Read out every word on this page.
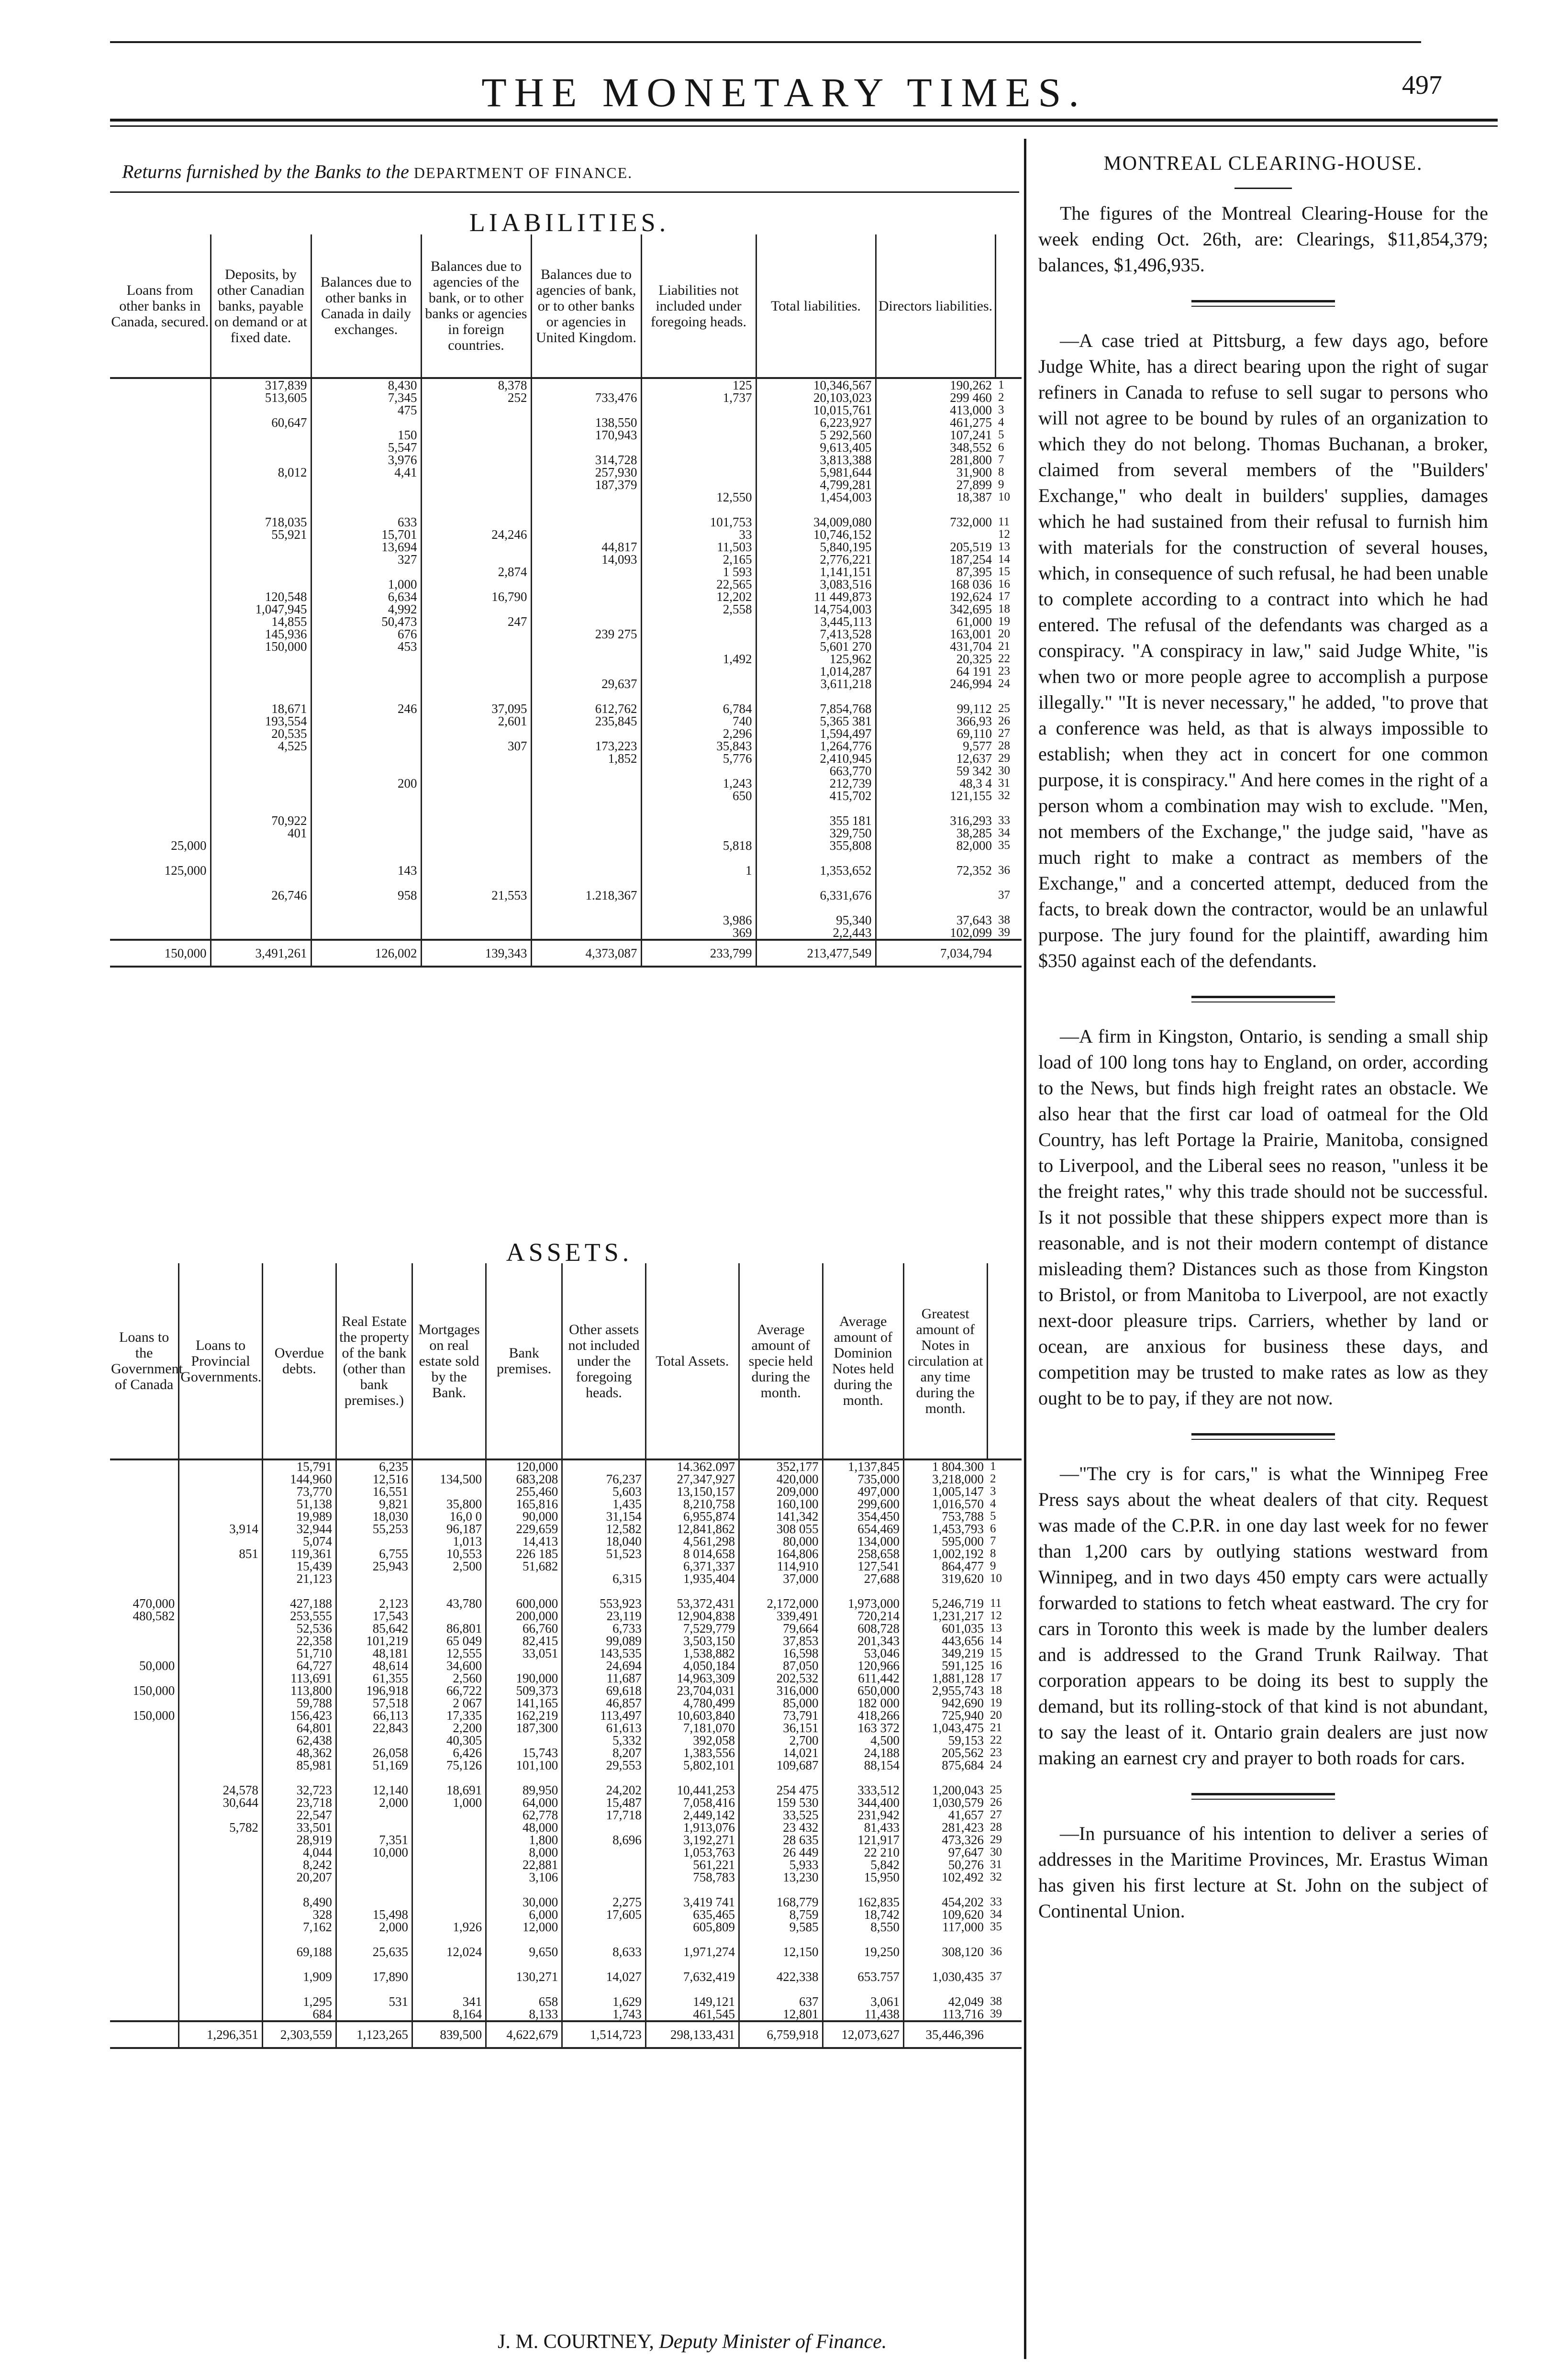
THE MONETARY TIMES.	497
Returns furnished by the Banks to the DEPARTMENT OF FINANCE.
LIABILITIES.
Loans from other banks in Canada, secured.	Deposits, by other Canadian banks, payable on demand or at fixed date.	Balances due to other banks in Canada in daily exchanges.	Balances due to agencies of the bank, or to other banks or agencies in foreign countries.	Balances due to agencies of bank, or to other banks or agencies in United Kingdom.	Liabilities not included under foregoing heads.	Total liabilities.	Directors liabilities.	
	317,839	8,430	8,378		125	10,346,567	190,262	1
	513,605	7,345	252	733,476	1,737	20,103,023	299 460	2
		475				10,015,761	413,000	3
	60,647			138,550		6,223,927	461,275	4
		150		170,943		5 292,560	107,241	5
		5,547				9,613,405	348,552	6
		3,976		314,728		3,813,388	281,800	7
	8,012	4,41		257,930		5,981,644	31,900	8
				187,379		4,799,281	27,899	9
					12,550	1,454,003	18,387	10

	718,035	633			101,753	34,009,080	732,000	11
	55,921	15,701	24,246		33	10,746,152		12
		13,694		44,817	11,503	5,840,195	205,519	13
		327		14,093	2,165	2,776,221	187,254	14
			2,874		1 593	1,141,151	87,395	15
		1,000			22,565	3,083,516	168 036	16
	120,548	6,634	16,790		12,202	11 449,873	192,624	17
	1,047,945	4,992			2,558	14,754,003	342,695	18
	14,855	50,473	247			3,445,113	61,000	19
	145,936	676		239 275		7,413,528	163,001	20
	150,000	453				5,601 270	431,704	21
					1,492	125,962	20,325	22
						1,014,287	64 191	23
				29,637		3,611,218	246,994	24

	18,671	246	37,095	612,762	6,784	7,854,768	99,112	25
	193,554		2,601	235,845	740	5,365 381	366,93	26
	20,535				2,296	1,594,497	69,110	27
	4,525		307	173,223	35,843	1,264,776	9,577	28
				1,852	5,776	2,410,945	12,637	29
						663,770	59 342	30
		200			1,243	212,739	48,3 4	31
					650	415,702	121,155	32

	70,922					355 181	316,293	33
	401					329,750	38,285	34
25,000					5,818	355,808	82,000	35

125,000		143			1	1,353,652	72,352	36

	26,746	958	21,553	1.218,367		6,331,676		37

					3,986	95,340	37,643	38
					369	2,2,443	102,099	39
150,000	3,491,261	126,002	139,343	4,373,087	233,799	213,477,549	7,034,794	
ASSETS.
Loans to the Government of Canada	Loans to Provincial Governments.	Overdue debts.	Real Estate the property of the bank (other than bank premises.)	Mortgages on real estate sold by the Bank.	Bank premises.	Other assets not included under the foregoing heads.	Total Assets.	Average amount of specie held during the month.	Average amount of Dominion Notes held during the month.	Greatest amount of Notes in circulation at any time during the month.	
		15,791	6,235		120,000		14.362.097	352,177	1,137,845	1 804.300	1
		144,960	12,516	134,500	683,208	76,237	27,347,927	420,000	735,000	3,218,000	2
		73,770	16,551		255,460	5,603	13,150,157	209,000	497,000	1,005,147	3
		51,138	9,821	35,800	165,816	1,435	8,210,758	160,100	299,600	1,016,570	4
		19,989	18,030	16,0 0	90,000	31,154	6,955,874	141,342	354,450	753,788	5
	3,914	32,944	55,253	96,187	229,659	12,582	12,841,862	308 055	654,469	1,453,793	6
		5,074		1,013	14,413	18,040	4,561,298	80,000	134,000	595,000	7
	851	119,361	6,755	10,553	226 185	51,523	8 014,658	164,806	258,658	1,002,192	8
		15,439	25,943	2,500	51,682		6,371,337	114,910	127,541	864,477	9
		21,123				6,315	1,935,404	37,000	27,688	319,620	10

470,000		427,188	2,123	43,780	600,000	553,923	53,372,431	2,172,000	1,973,000	5,246,719	11
480,582		253,555	17,543		200,000	23,119	12,904,838	339,491	720,214	1,231,217	12
		52,536	85,642	86,801	66,760	6,733	7,529,779	79,664	608,728	601,035	13
		22,358	101,219	65 049	82,415	99,089	3,503,150	37,853	201,343	443,656	14
		51,710	48,181	12,555	33,051	143,535	1,538,882	16,598	53,046	349,219	15
50,000		64,727	48,614	34,600		24,694	4,050,184	87,050	120,966	591,125	16
		113,691	61,355	2,560	190,000	11,687	14,963,309	202,532	611,442	1,881,128	17
150,000		113,800	196,918	66,722	509,373	69,618	23,704,031	316,000	650,000	2,955,743	18
		59,788	57,518	2 067	141,165	46,857	4,780,499	85,000	182 000	942,690	19
150,000		156,423	66,113	17,335	162,219	113,497	10,603,840	73,791	418,266	725,940	20
		64,801	22,843	2,200	187,300	61,613	7,181,070	36,151	163 372	1,043,475	21
		62,438		40,305		5,332	392,058	2,700	4,500	59,153	22
		48,362	26,058	6,426	15,743	8,207	1,383,556	14,021	24,188	205,562	23
		85,981	51,169	75,126	101,100	29,553	5,802,101	109,687	88,154	875,684	24

	24,578	32,723	12,140	18,691	89,950	24,202	10,441,253	254 475	333,512	1,200,043	25
	30,644	23,718	2,000	1,000	64,000	15,487	7,058,416	159 530	344,400	1,030,579	26
		22,547			62,778	17,718	2,449,142	33,525	231,942	41,657	27
	5,782	33,501			48,000		1,913,076	23 432	81,433	281,423	28
		28,919	7,351		1,800	8,696	3,192,271	28 635	121,917	473,326	29
		4,044	10,000		8,000		1,053,763	26 449	22 210	97,647	30
		8,242			22,881		561,221	5,933	5,842	50,276	31
		20,207			3,106		758,783	13,230	15,950	102,492	32

		8,490			30,000	2,275	3,419 741	168,779	162,835	454,202	33
		328	15,498		6,000	17,605	635,465	8,759	18,742	109,620	34
		7,162	2,000	1,926	12,000		605,809	9,585	8,550	117,000	35

		69,188	25,635	12,024	9,650	8,633	1,971,274	12,150	19,250	308,120	36

		1,909	17,890		130,271	14,027	7,632,419	422,338	653.757	1,030,435	37

		1,295	531	341	658	1,629	149,121	637	3,061	42,049	38
		684		8,164	8,133	1,743	461,545	12,801	11,438	113,716	39
	1,296,351	2,303,559	1,123,265	839,500	4,622,679	1,514,723	298,133,431	6,759,918	12,073,627	35,446,396	
J. M. COURTNEY, Deputy Minister of Finance.
MONTREAL CLEARING-HOUSE.

The figures of the Montreal Clearing-House for the week ending Oct. 26th, are: Clearings, $11,854,379; balances, $1,496,935.

—A case tried at Pittsburg, a few days ago, before Judge White, has a direct bearing upon the right of sugar refiners in Canada to refuse to sell sugar to persons who will not agree to be bound by rules of an organization to which they do not belong. Thomas Buchanan, a broker, claimed from several members of the "Builders' Exchange," who dealt in builders' supplies, damages which he had sustained from their refusal to furnish him with materials for the construction of several houses, which, in consequence of such refusal, he had been unable to complete according to a contract into which he had entered. The refusal of the defendants was charged as a conspiracy. "A conspiracy in law," said Judge White, "is when two or more people agree to accomplish a purpose illegally." "It is never necessary," he added, "to prove that a conference was held, as that is always impossible to establish; when they act in concert for one common purpose, it is conspiracy." And here comes in the right of a person whom a combination may wish to exclude. "Men, not members of the Exchange," the judge said, "have as much right to make a contract as members of the Exchange," and a concerted attempt, deduced from the facts, to break down the contractor, would be an unlawful purpose. The jury found for the plaintiff, awarding him $350 against each of the defendants.

—A firm in Kingston, Ontario, is sending a small ship load of 100 long tons hay to England, on order, according to the News, but finds high freight rates an obstacle. We also hear that the first car load of oatmeal for the Old Country, has left Portage la Prairie, Manitoba, consigned to Liverpool, and the Liberal sees no reason, "unless it be the freight rates," why this trade should not be successful. Is it not possible that these shippers expect more than is reasonable, and is not their modern contempt of distance misleading them? Distances such as those from Kingston to Bristol, or from Manitoba to Liverpool, are not exactly next-door pleasure trips. Carriers, whether by land or ocean, are anxious for business these days, and competition may be trusted to make rates as low as they ought to be to pay, if they are not now.

—"The cry is for cars," is what the Winnipeg Free Press says about the wheat dealers of that city. Request was made of the C.P.R. in one day last week for no fewer than 1,200 cars by outlying stations westward from Winnipeg, and in two days 450 empty cars were actually forwarded to stations to fetch wheat eastward. The cry for cars in Toronto this week is made by the lumber dealers and is addressed to the Grand Trunk Railway. That corporation appears to be doing its best to supply the demand, but its rolling-stock of that kind is not abundant, to say the least of it. Ontario grain dealers are just now making an earnest cry and prayer to both roads for cars.

—In pursuance of his intention to deliver a series of addresses in the Maritime Provinces, Mr. Erastus Wiman has given his first lecture at St. John on the subject of Continental Union.
